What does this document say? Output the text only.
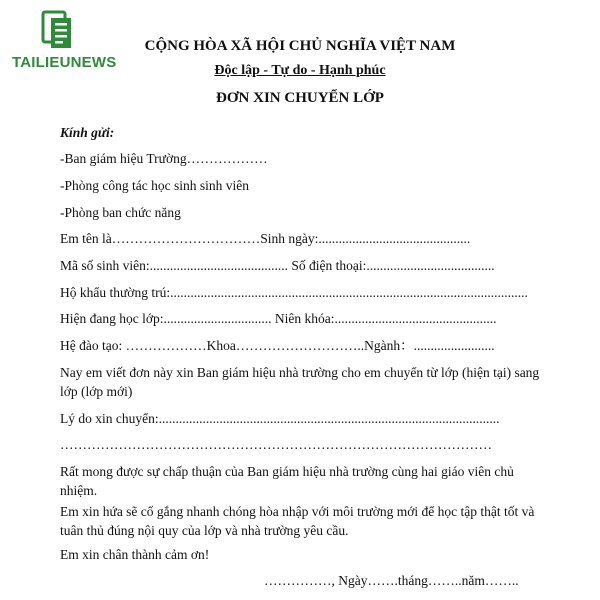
TAILIEUNEWS
CỘNG HÒA XÃ HỘI CHỦ NGHĨA VIỆT NAM
Độc lập - Tự do - Hạnh phúc
ĐƠN XIN CHUYỂN LỚP
Kính gửi:
-Ban giám hiệu Trường………………
-Phòng công tác học sinh sinh viên
-Phòng ban chức năng
Em tên là……………………………Sinh ngày:.............................................
Mã số sinh viên:......................................... Số điện thoại:......................................
Hộ khẩu thường trú:..........................................................................................................
Hiện đang học lớp:................................ Niên khóa:................................................
Hệ đào tạo: ………………Khoa………………………..Ngành：........................
Nay em viết đơn này xin Ban giám hiệu nhà trường cho em chuyển từ lớp (hiện tại) sang lớp (lớp mới)
Lý do xin chuyển:.....................................................................................................
……………………………………………………………………………………
Rất mong được sự chấp thuận của Ban giám hiệu nhà trường cùng hai giáo viên chủ nhiệm.
Em xin hứa sẽ cố gắng nhanh chóng hòa nhập với môi trường mới để học tập thật tốt và tuân thủ đúng nội quy của lớp và nhà trường yêu cầu.
Em xin chân thành cảm ơn!
……………, Ngày…….tháng……..năm……..
